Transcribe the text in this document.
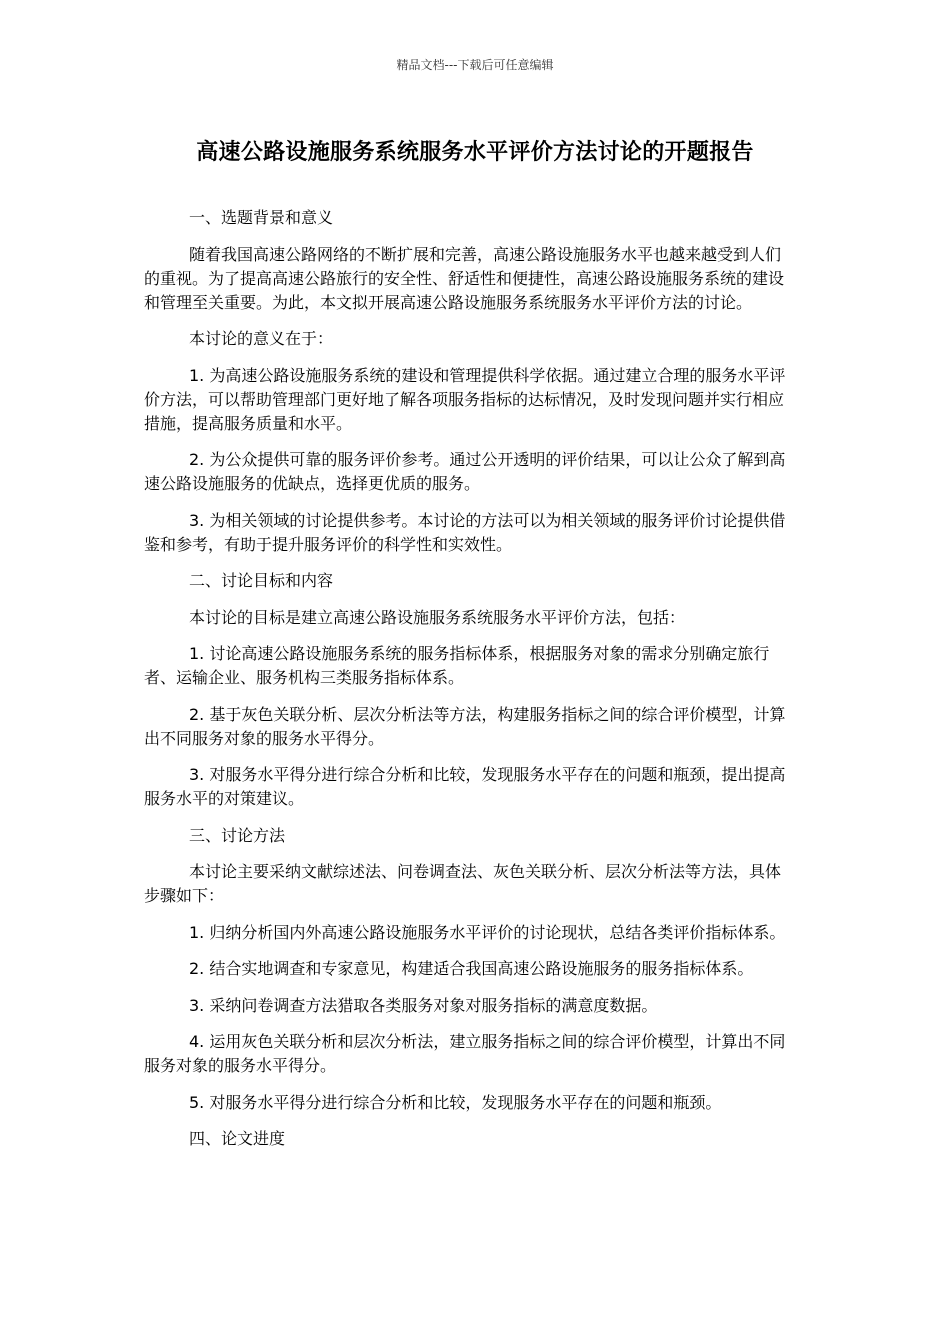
精品文档---下载后可任意编辑
高速公路设施服务系统服务水平评价方法讨论的开题报告

一、选题背景和意义

随着我国高速公路网络的不断扩展和完善，高速公路设施服务水平也越来越受到人们的重视。为了提高高速公路旅行的安全性、舒适性和便捷性，高速公路设施服务系统的建设和管理至关重要。为此，本文拟开展高速公路设施服务系统服务水平评价方法的讨论。

本讨论的意义在于：

1. 为高速公路设施服务系统的建设和管理提供科学依据。通过建立合理的服务水平评价方法，可以帮助管理部门更好地了解各项服务指标的达标情况，及时发现问题并实行相应措施，提高服务质量和水平。

2. 为公众提供可靠的服务评价参考。通过公开透明的评价结果，可以让公众了解到高速公路设施服务的优缺点，选择更优质的服务。

3. 为相关领域的讨论提供参考。本讨论的方法可以为相关领域的服务评价讨论提供借鉴和参考，有助于提升服务评价的科学性和实效性。

二、讨论目标和内容

本讨论的目标是建立高速公路设施服务系统服务水平评价方法，包括：

1. 讨论高速公路设施服务系统的服务指标体系，根据服务对象的需求分别确定旅行者、运输企业、服务机构三类服务指标体系。

2. 基于灰色关联分析、层次分析法等方法，构建服务指标之间的综合评价模型，计算出不同服务对象的服务水平得分。

3. 对服务水平得分进行综合分析和比较，发现服务水平存在的问题和瓶颈，提出提高服务水平的对策建议。

三、讨论方法

本讨论主要采纳文献综述法、问卷调查法、灰色关联分析、层次分析法等方法，具体步骤如下：

1. 归纳分析国内外高速公路设施服务水平评价的讨论现状，总结各类评价指标体系。

2. 结合实地调查和专家意见，构建适合我国高速公路设施服务的服务指标体系。

3. 采纳问卷调查方法猎取各类服务对象对服务指标的满意度数据。

4. 运用灰色关联分析和层次分析法，建立服务指标之间的综合评价模型，计算出不同服务对象的服务水平得分。

5. 对服务水平得分进行综合分析和比较，发现服务水平存在的问题和瓶颈。

四、论文进度
